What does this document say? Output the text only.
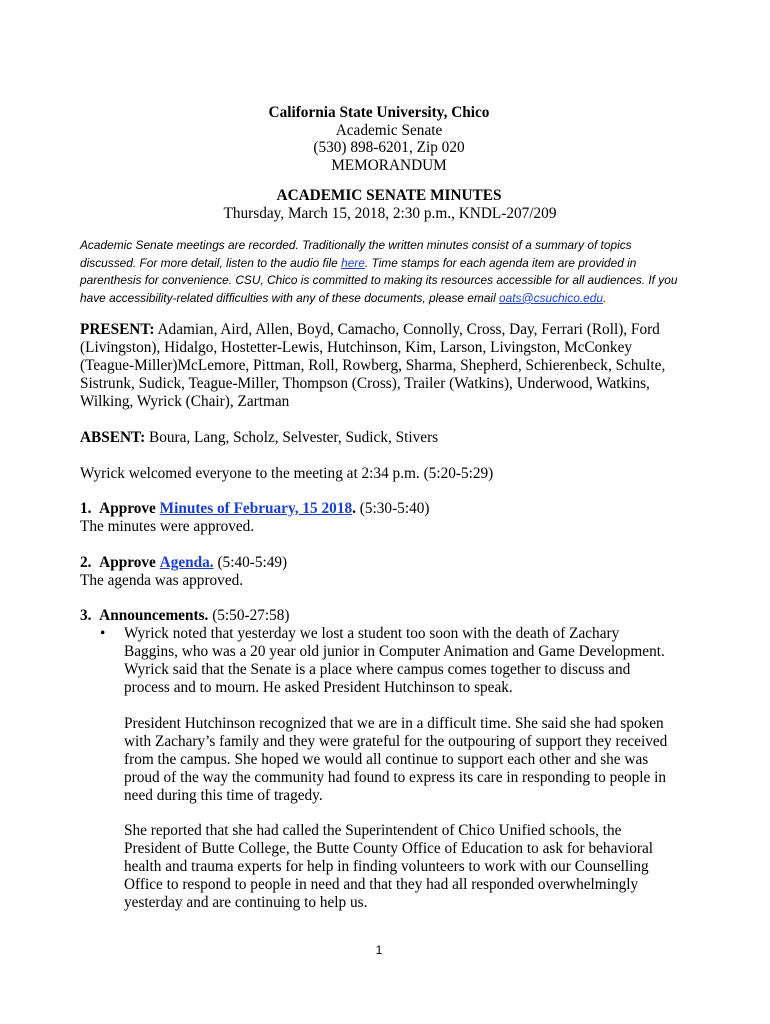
California State University, Chico
Academic Senate
(530) 898-6201, Zip 020
MEMORANDUM
ACADEMIC SENATE MINUTES
Thursday, March 15, 2018, 2:30 p.m., KNDL-207/209
Academic Senate meetings are recorded. Traditionally the written minutes consist of a summary of topics discussed. For more detail, listen to the audio file here. Time stamps for each agenda item are provided in parenthesis for convenience. CSU, Chico is committed to making its resources accessible for all audiences. If you have accessibility-related difficulties with any of these documents, please email oats@csuchico.edu.
PRESENT: Adamian, Aird, Allen, Boyd, Camacho, Connolly, Cross, Day, Ferrari (Roll), Ford (Livingston), Hidalgo, Hostetter-Lewis, Hutchinson, Kim, Larson, Livingston, McConkey (Teague-Miller)McLemore, Pittman, Roll, Rowberg, Sharma, Shepherd, Schierenbeck, Schulte, Sistrunk, Sudick, Teague-Miller, Thompson (Cross), Trailer (Watkins), Underwood, Watkins, Wilking, Wyrick (Chair), Zartman
ABSENT: Boura, Lang, Scholz, Selvester, Sudick, Stivers
Wyrick welcomed everyone to the meeting at 2:34 p.m. (5:20-5:29)
1. Approve Minutes of February, 15 2018. (5:30-5:40)
The minutes were approved.
2. Approve Agenda. (5:40-5:49)
The agenda was approved.
3. Announcements. (5:50-27:58)
• Wyrick noted that yesterday we lost a student too soon with the death of Zachary Baggins, who was a 20 year old junior in Computer Animation and Game Development. Wyrick said that the Senate is a place where campus comes together to discuss and process and to mourn. He asked President Hutchinson to speak.
President Hutchinson recognized that we are in a difficult time. She said she had spoken with Zachary’s family and they were grateful for the outpouring of support they received from the campus. She hoped we would all continue to support each other and she was proud of the way the community had found to express its care in responding to people in need during this time of tragedy.
She reported that she had called the Superintendent of Chico Unified schools, the President of Butte College, the Butte County Office of Education to ask for behavioral health and trauma experts for help in finding volunteers to work with our Counselling Office to respond to people in need and that they had all responded overwhelmingly yesterday and are continuing to help us.
1
